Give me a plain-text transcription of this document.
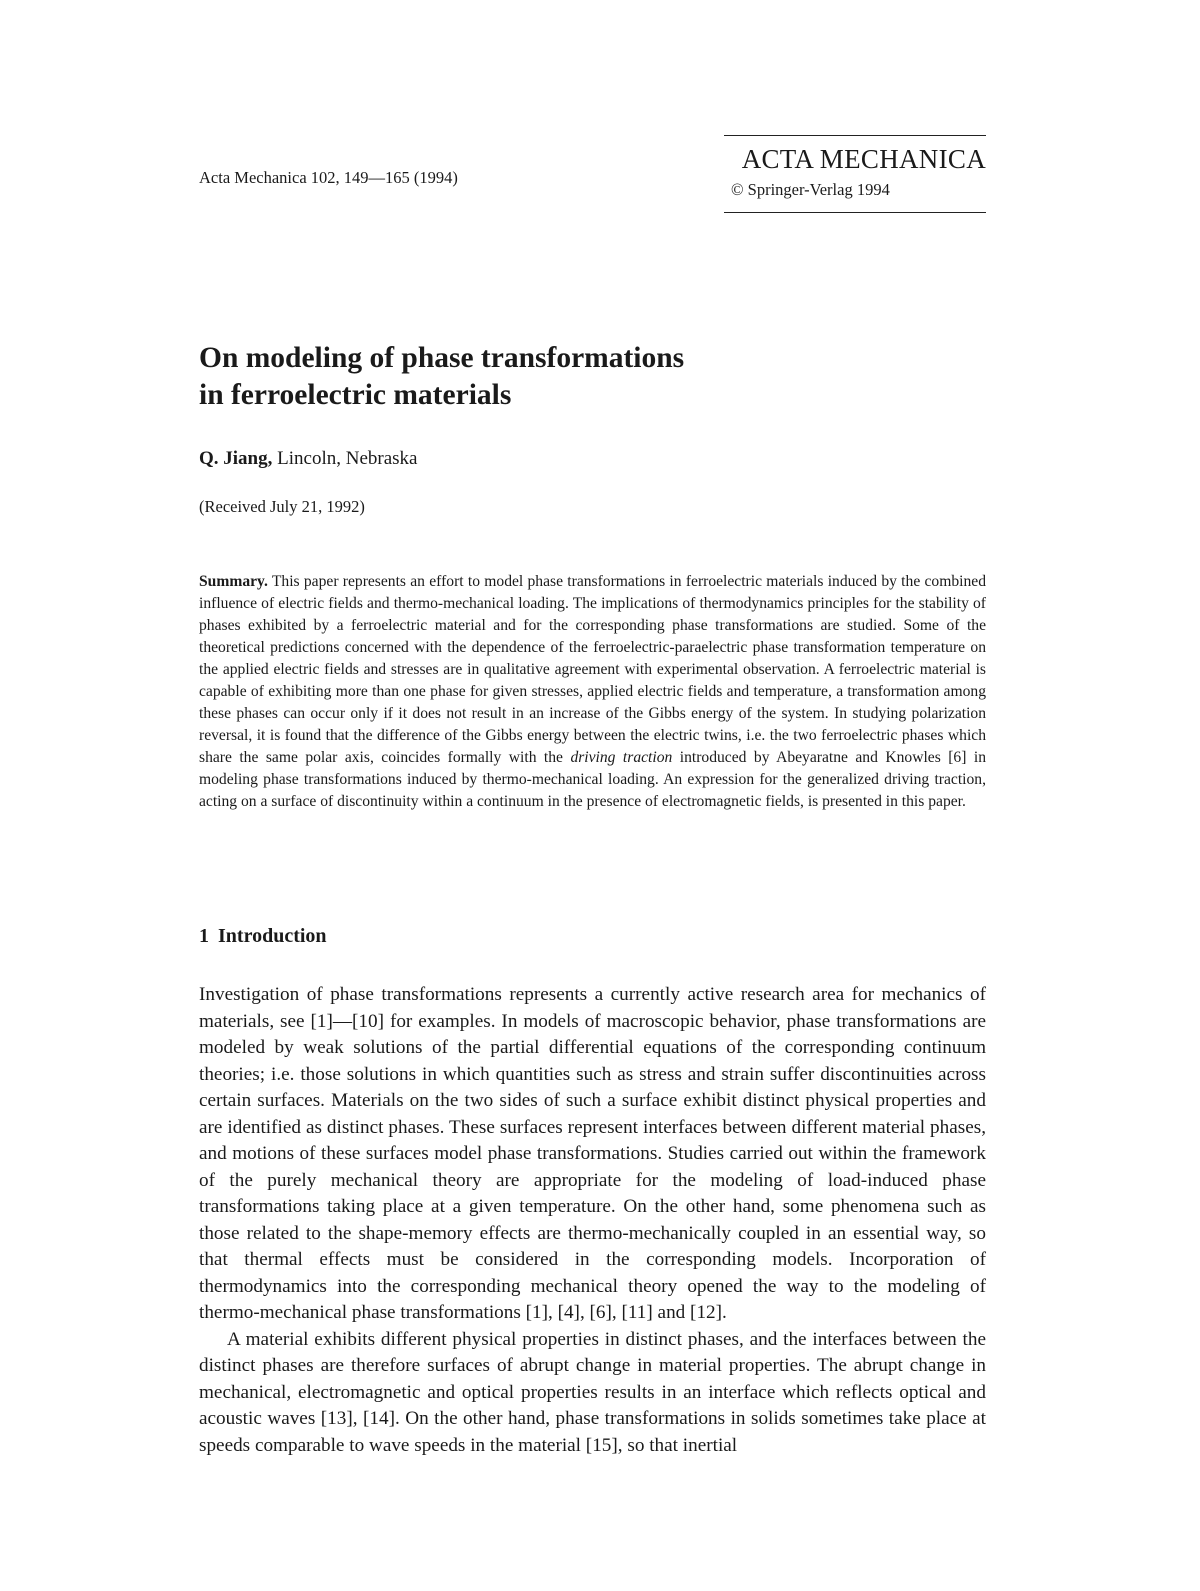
Acta Mechanica 102, 149—165 (1994)
ACTA MECHANICA
© Springer-Verlag 1994
On modeling of phase transformations
in ferroelectric materials
Q. Jiang, Lincoln, Nebraska
(Received July 21, 1992)

Summary. This paper represents an effort to model phase transformations in ferroelectric materials induced by the combined influence of electric fields and thermo-mechanical loading. The implications of thermodynamics principles for the stability of phases exhibited by a ferroelectric material and for the corresponding phase transformations are studied. Some of the theoretical predictions concerned with the dependence of the ferroelectric-paraelectric phase transformation temperature on the applied electric fields and stresses are in qualitative agreement with experimental observation. A ferroelectric material is capable of exhibiting more than one phase for given stresses, applied electric fields and temperature, a transformation among these phases can occur only if it does not result in an increase of the Gibbs energy of the system. In studying polarization reversal, it is found that the difference of the Gibbs energy between the electric twins, i.e. the two ferroelectric phases which share the same polar axis, coincides formally with the driving traction introduced by Abeyaratne and Knowles [6] in modeling phase transformations induced by thermo-mechanical loading. An expression for the generalized driving traction, acting on a surface of discontinuity within a continuum in the presence of electromagnetic fields, is presented in this paper.

1 Introduction

Investigation of phase transformations represents a currently active research area for mechanics of materials, see [1]—[10] for examples. In models of macroscopic behavior, phase transformations are modeled by weak solutions of the partial differential equations of the corresponding continuum theories; i.e. those solutions in which quantities such as stress and strain suffer discontinuities across certain surfaces. Materials on the two sides of such a surface exhibit distinct physical properties and are identified as distinct phases. These surfaces represent interfaces between different material phases, and motions of these surfaces model phase transformations. Studies carried out within the framework of the purely mechanical theory are appropriate for the modeling of load-induced phase transformations taking place at a given temperature. On the other hand, some phenomena such as those related to the shape-memory effects are thermo-mechanically coupled in an essential way, so that thermal effects must be considered in the corresponding models. Incorporation of thermodynamics into the corresponding mechanical theory opened the way to the modeling of thermo-mechanical phase transformations [1], [4], [6], [11] and [12].

A material exhibits different physical properties in distinct phases, and the interfaces between the distinct phases are therefore surfaces of abrupt change in material properties. The abrupt change in mechanical, electromagnetic and optical properties results in an interface which reflects optical and acoustic waves [13], [14]. On the other hand, phase transformations in solids sometimes take place at speeds comparable to wave speeds in the material [15], so that inertial
